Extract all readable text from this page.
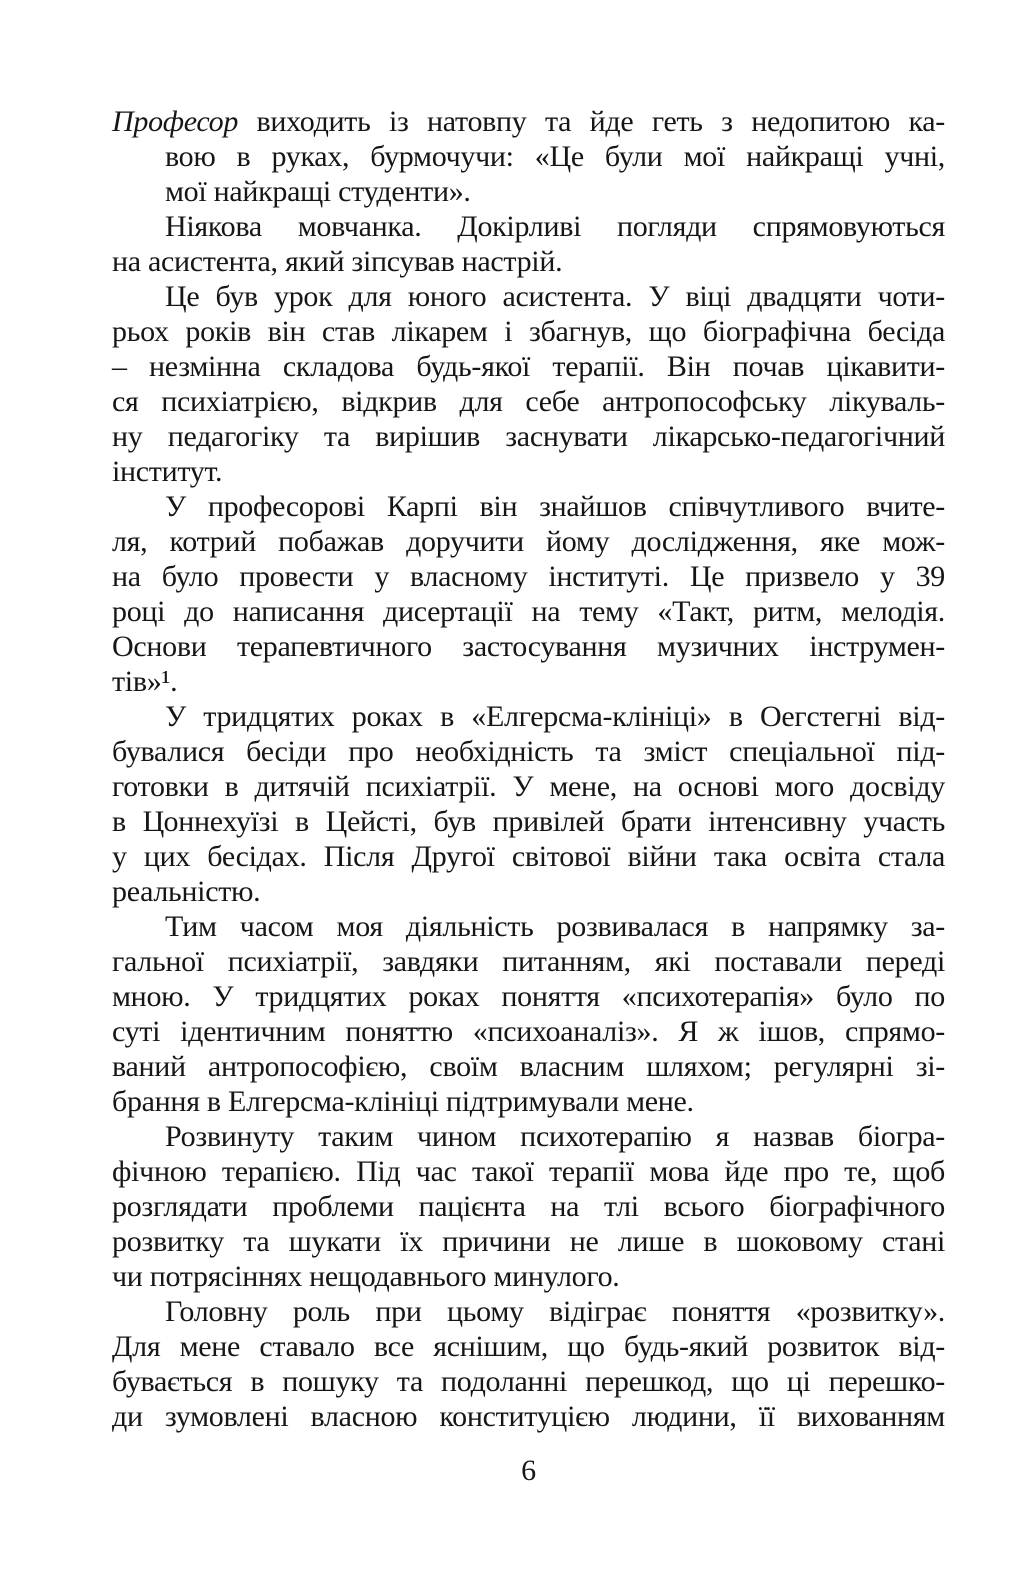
Професор виходить із натовпу та йде геть з недопитою ка-
вою в руках, бурмочучи: «Це були мої найкращі учні,
мої найкращі студенти».
Ніякова мовчанка. Докірливі погляди спрямовуються
на асистента, який зіпсував настрій.
Це був урок для юного асистента. У віці двадцяти чоти-
рьох років він став лікарем і збагнув, що біографічна бесіда
– незмінна складова будь-якої терапії. Він почав цікавити-
ся психіатрією, відкрив для себе антропософську лікуваль-
ну педагогіку та вирішив заснувати лікарсько-педагогічний
інститут.
У професорові Карпі він знайшов співчутливого вчите-
ля, котрий побажав доручити йому дослідження, яке мож-
на було провести у власному інституті. Це призвело у 39
році до написання дисертації на тему «Такт, ритм, мелодія.
Основи терапевтичного застосування музичних інструмен-
тів»¹.
У тридцятих роках в «Елгерсма-клініці» в Оегстегні від-
бувалися бесіди про необхідність та зміст спеціальної під-
готовки в дитячій психіатрії. У мене, на основі мого досвіду
в Цоннехуїзі в Цейсті, був привілей брати інтенсивну участь
у цих бесідах. Після Другої світової війни така освіта стала
реальністю.
Тим часом моя діяльність розвивалася в напрямку за-
гальної психіатрії, завдяки питанням, які поставали переді
мною. У тридцятих роках поняття «психотерапія» було по
суті ідентичним поняттю «психоаналіз». Я ж ішов, спрямо-
ваний антропософією, своїм власним шляхом; регулярні зі-
брання в Елгерсма-клініці підтримували мене.
Розвинуту таким чином психотерапію я назвав біогра-
фічною терапією. Під час такої терапії мова йде про те, щоб
розглядати проблеми пацієнта на тлі всього біографічного
розвитку та шукати їх причини не лише в шоковому стані
чи потрясіннях нещодавнього минулого.
Головну роль при цьому відіграє поняття «розвитку».
Для мене ставало все яснішим, що будь-який розвиток від-
бувається в пошуку та подоланні перешкод, що ці перешко-
ди зумовлені власною конституцією людини, її вихованням
6
